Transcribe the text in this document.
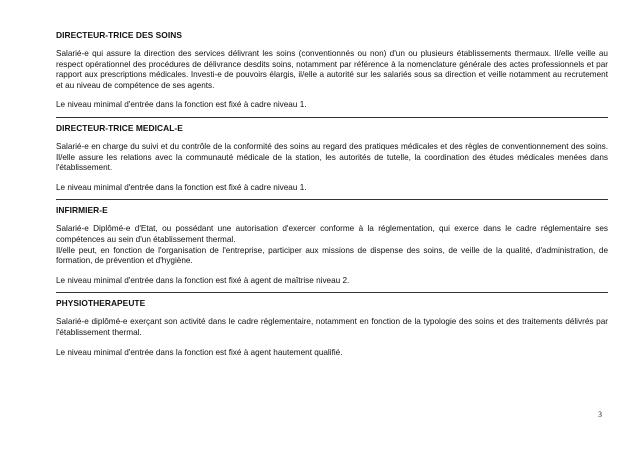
DIRECTEUR-TRICE DES SOINS

Salarié-e qui assure la direction des services délivrant les soins (conventionnés ou non) d'un ou plusieurs établissements thermaux. Il/elle veille au respect opérationnel des procédures de délivrance desdits soins, notamment par référence à la nomenclature générale des actes professionnels et par rapport aux prescriptions médicales. Investi-e de pouvoirs élargis, il/elle a autorité sur les salariés sous sa direction et veille notamment au recrutement et au niveau de compétence de ses agents.

Le niveau minimal d'entrée dans la fonction est fixé à cadre niveau 1.

DIRECTEUR-TRICE MEDICAL-E

Salarié-e en charge du suivi et du contrôle de la conformité des soins au regard des pratiques médicales et des règles de conventionnement des soins. Il/elle assure les relations avec la communauté médicale de la station, les autorités de tutelle, la coordination des études médicales menées dans l'établissement.

Le niveau minimal d'entrée dans la fonction est fixé à cadre niveau 1.

INFIRMIER-E

Salarié-e Diplômé-e d'Etat, ou possédant une autorisation d'exercer conforme à la réglementation, qui exerce dans le cadre réglementaire ses compétences au sein d'un établissement thermal.

Il/elle peut, en fonction de l'organisation de l'entreprise, participer aux missions de dispense des soins, de veille de la qualité, d'administration, de formation, de prévention et d'hygiène.

Le niveau minimal d'entrée dans la fonction est fixé à agent de maîtrise niveau 2.

PHYSIOTHERAPEUTE

Salarié-e diplômé-e exerçant son activité dans le cadre réglementaire, notamment en fonction de la typologie des soins et des traitements délivrés par l'établissement thermal.

Le niveau minimal d'entrée dans la fonction est fixé à agent hautement qualifié.

3
